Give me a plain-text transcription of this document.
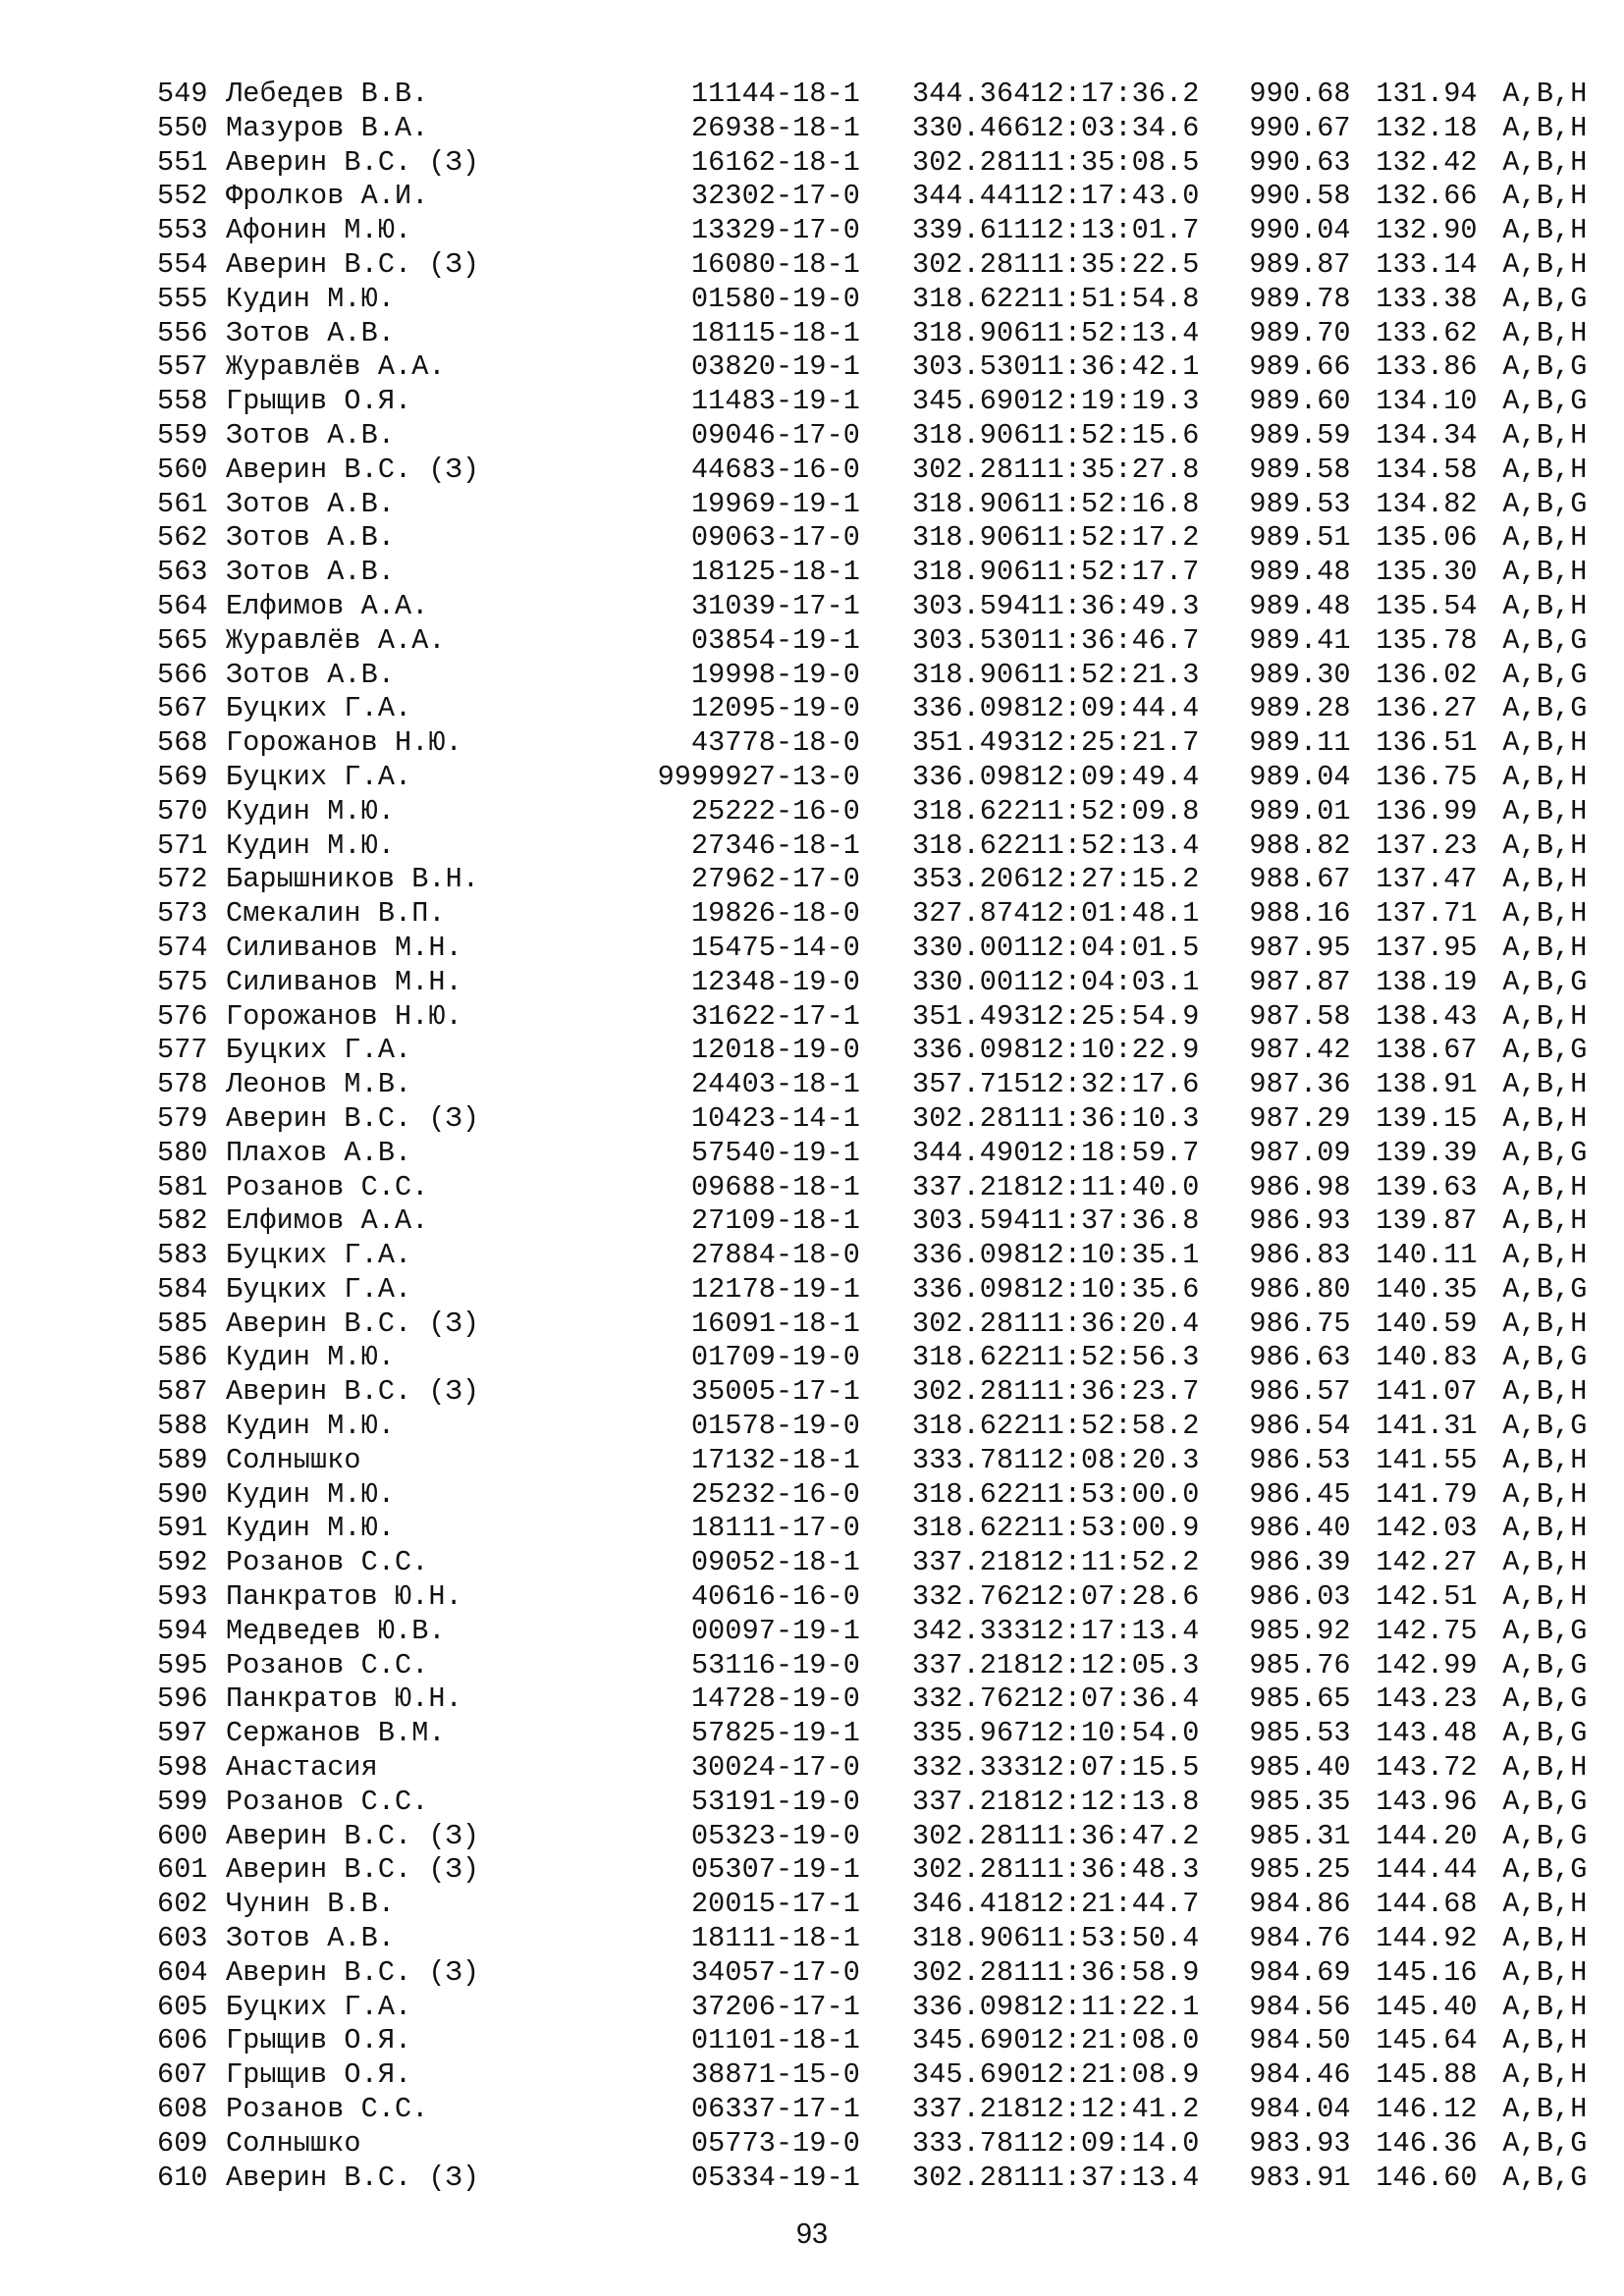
549	Лебедев В.В.	11144-18-1	344.364	12:17:36.2	990.68	131.94	A,B,H
550	Мазуров В.А.	26938-18-1	330.466	12:03:34.6	990.67	132.18	A,B,H
551	Аверин В.С. (З)	16162-18-1	302.281	11:35:08.5	990.63	132.42	A,B,H
552	Фролков А.И.	32302-17-0	344.441	12:17:43.0	990.58	132.66	A,B,H
553	Афонин М.Ю.	13329-17-0	339.611	12:13:01.7	990.04	132.90	A,B,H
554	Аверин В.С. (З)	16080-18-1	302.281	11:35:22.5	989.87	133.14	A,B,H
555	Кудин М.Ю.	01580-19-0	318.622	11:51:54.8	989.78	133.38	A,B,G
556	Зотов А.В.	18115-18-1	318.906	11:52:13.4	989.70	133.62	A,B,H
557	Журавлёв А.А.	03820-19-1	303.530	11:36:42.1	989.66	133.86	A,B,G
558	Грыщив О.Я.	11483-19-1	345.690	12:19:19.3	989.60	134.10	A,B,G
559	Зотов А.В.	09046-17-0	318.906	11:52:15.6	989.59	134.34	A,B,H
560	Аверин В.С. (З)	44683-16-0	302.281	11:35:27.8	989.58	134.58	A,B,H
561	Зотов А.В.	19969-19-1	318.906	11:52:16.8	989.53	134.82	A,B,G
562	Зотов А.В.	09063-17-0	318.906	11:52:17.2	989.51	135.06	A,B,H
563	Зотов А.В.	18125-18-1	318.906	11:52:17.7	989.48	135.30	A,B,H
564	Елфимов А.А.	31039-17-1	303.594	11:36:49.3	989.48	135.54	A,B,H
565	Журавлёв А.А.	03854-19-1	303.530	11:36:46.7	989.41	135.78	A,B,G
566	Зотов А.В.	19998-19-0	318.906	11:52:21.3	989.30	136.02	A,B,G
567	Буцких Г.А.	12095-19-0	336.098	12:09:44.4	989.28	136.27	A,B,G
568	Горожанов Н.Ю.	43778-18-0	351.493	12:25:21.7	989.11	136.51	A,B,H
569	Буцких Г.А.	9999927-13-0	336.098	12:09:49.4	989.04	136.75	A,B,H
570	Кудин М.Ю.	25222-16-0	318.622	11:52:09.8	989.01	136.99	A,B,H
571	Кудин М.Ю.	27346-18-1	318.622	11:52:13.4	988.82	137.23	A,B,H
572	Барышников В.Н.	27962-17-0	353.206	12:27:15.2	988.67	137.47	A,B,H
573	Смекалин В.П.	19826-18-0	327.874	12:01:48.1	988.16	137.71	A,B,H
574	Силиванов М.Н.	15475-14-0	330.001	12:04:01.5	987.95	137.95	A,B,H
575	Силиванов М.Н.	12348-19-0	330.001	12:04:03.1	987.87	138.19	A,B,G
576	Горожанов Н.Ю.	31622-17-1	351.493	12:25:54.9	987.58	138.43	A,B,H
577	Буцких Г.А.	12018-19-0	336.098	12:10:22.9	987.42	138.67	A,B,G
578	Леонов М.В.	24403-18-1	357.715	12:32:17.6	987.36	138.91	A,B,H
579	Аверин В.С. (З)	10423-14-1	302.281	11:36:10.3	987.29	139.15	A,B,H
580	Плахов А.В.	57540-19-1	344.490	12:18:59.7	987.09	139.39	A,B,G
581	Розанов С.С.	09688-18-1	337.218	12:11:40.0	986.98	139.63	A,B,H
582	Елфимов А.А.	27109-18-1	303.594	11:37:36.8	986.93	139.87	A,B,H
583	Буцких Г.А.	27884-18-0	336.098	12:10:35.1	986.83	140.11	A,B,H
584	Буцких Г.А.	12178-19-1	336.098	12:10:35.6	986.80	140.35	A,B,G
585	Аверин В.С. (З)	16091-18-1	302.281	11:36:20.4	986.75	140.59	A,B,H
586	Кудин М.Ю.	01709-19-0	318.622	11:52:56.3	986.63	140.83	A,B,G
587	Аверин В.С. (З)	35005-17-1	302.281	11:36:23.7	986.57	141.07	A,B,H
588	Кудин М.Ю.	01578-19-0	318.622	11:52:58.2	986.54	141.31	A,B,G
589	Солнышко	17132-18-1	333.781	12:08:20.3	986.53	141.55	A,B,H
590	Кудин М.Ю.	25232-16-0	318.622	11:53:00.0	986.45	141.79	A,B,H
591	Кудин М.Ю.	18111-17-0	318.622	11:53:00.9	986.40	142.03	A,B,H
592	Розанов С.С.	09052-18-1	337.218	12:11:52.2	986.39	142.27	A,B,H
593	Панкратов Ю.Н.	40616-16-0	332.762	12:07:28.6	986.03	142.51	A,B,H
594	Медведев Ю.В.	00097-19-1	342.333	12:17:13.4	985.92	142.75	A,B,G
595	Розанов С.С.	53116-19-0	337.218	12:12:05.3	985.76	142.99	A,B,G
596	Панкратов Ю.Н.	14728-19-0	332.762	12:07:36.4	985.65	143.23	A,B,G
597	Сержанов В.М.	57825-19-1	335.967	12:10:54.0	985.53	143.48	A,B,G
598	Анастасия	30024-17-0	332.333	12:07:15.5	985.40	143.72	A,B,H
599	Розанов С.С.	53191-19-0	337.218	12:12:13.8	985.35	143.96	A,B,G
600	Аверин В.С. (З)	05323-19-0	302.281	11:36:47.2	985.31	144.20	A,B,G
601	Аверин В.С. (З)	05307-19-1	302.281	11:36:48.3	985.25	144.44	A,B,G
602	Чунин В.В.	20015-17-1	346.418	12:21:44.7	984.86	144.68	A,B,H
603	Зотов А.В.	18111-18-1	318.906	11:53:50.4	984.76	144.92	A,B,H
604	Аверин В.С. (З)	34057-17-0	302.281	11:36:58.9	984.69	145.16	A,B,H
605	Буцких Г.А.	37206-17-1	336.098	12:11:22.1	984.56	145.40	A,B,H
606	Грыщив О.Я.	01101-18-1	345.690	12:21:08.0	984.50	145.64	A,B,H
607	Грыщив О.Я.	38871-15-0	345.690	12:21:08.9	984.46	145.88	A,B,H
608	Розанов С.С.	06337-17-1	337.218	12:12:41.2	984.04	146.12	A,B,H
609	Солнышко	05773-19-0	333.781	12:09:14.0	983.93	146.36	A,B,G
610	Аверин В.С. (З)	05334-19-1	302.281	11:37:13.4	983.91	146.60	A,B,G
93
